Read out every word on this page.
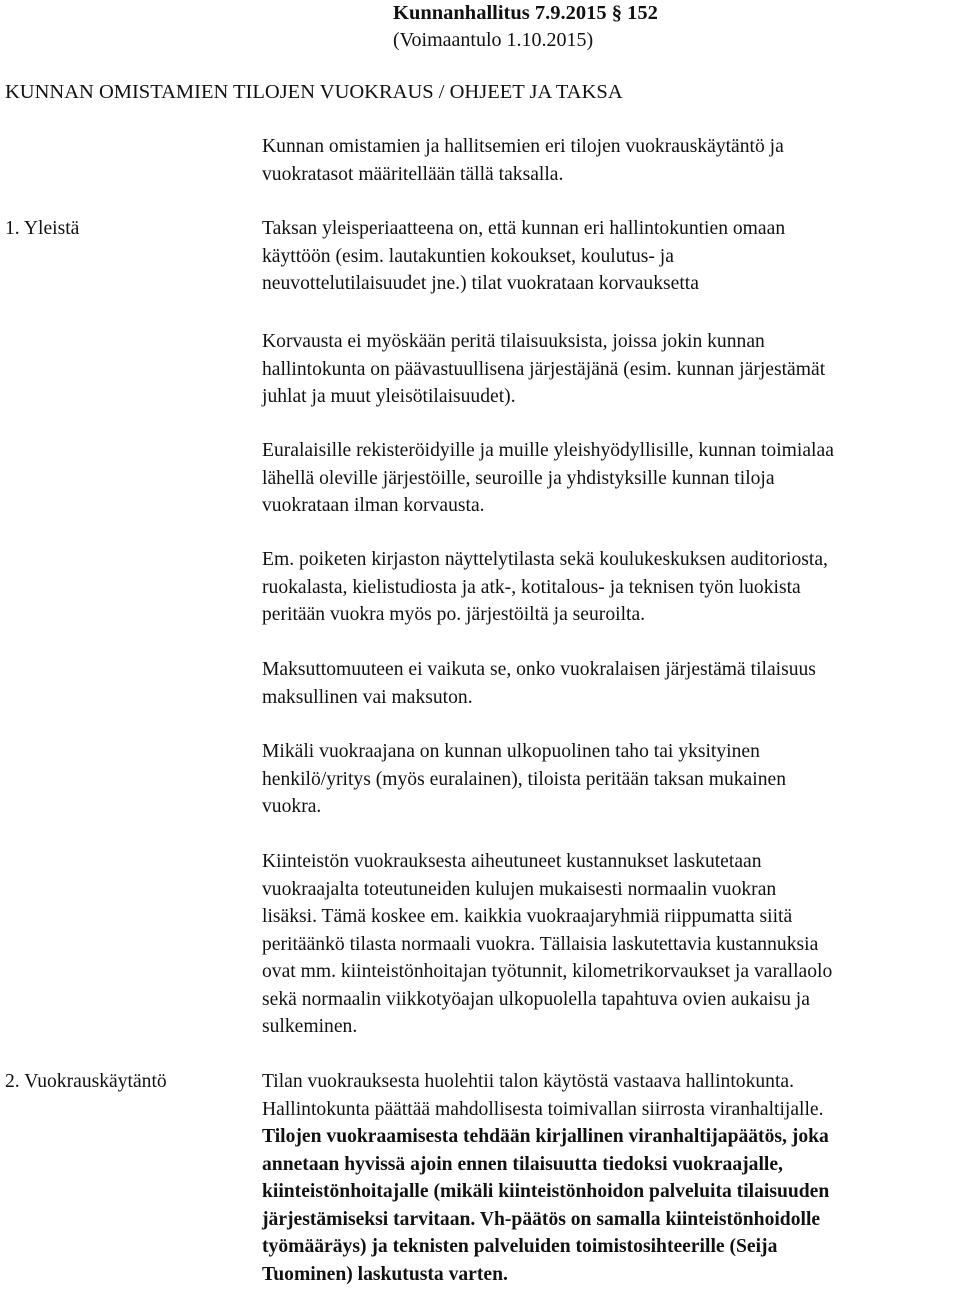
Kunnanhallitus 7.9.2015 § 152
(Voimaantulo 1.10.2015)
KUNNAN OMISTAMIEN TILOJEN VUOKRAUS / OHJEET JA TAKSA

Kunnan omistamien ja hallitsemien eri tilojen vuokrauskäytäntö ja

vuokratasot määritellään tällä taksalla.

1. Yleistä	Taksan yleisperiaatteena on, että kunnan eri hallintokuntien omaan

käyttöön (esim. lautakuntien kokoukset, koulutus- ja

neuvottelutilaisuudet jne.) tilat vuokrataan korvauksetta

Korvausta ei myöskään peritä tilaisuuksista, joissa jokin kunnan

hallintokunta on päävastuullisena järjestäjänä (esim. kunnan järjestämät

juhlat ja muut yleisötilaisuudet).

Euralaisille rekisteröidyille ja muille yleishyödyllisille, kunnan toimialaa

lähellä oleville järjestöille, seuroille ja yhdistyksille kunnan tiloja

vuokrataan ilman korvausta.

Em. poiketen kirjaston näyttelytilasta sekä koulukeskuksen auditoriosta,

ruokalasta, kielistudiosta ja atk-, kotitalous- ja teknisen työn luokista

peritään vuokra myös po. järjestöiltä ja seuroilta.

Maksuttomuuteen ei vaikuta se, onko vuokralaisen järjestämä tilaisuus

maksullinen vai maksuton.

Mikäli vuokraajana on kunnan ulkopuolinen taho tai yksityinen

henkilö/yritys (myös euralainen), tiloista peritään taksan mukainen

vuokra.

Kiinteistön vuokrauksesta aiheutuneet kustannukset laskutetaan

vuokraajalta toteutuneiden kulujen mukaisesti normaalin vuokran

lisäksi. Tämä koskee em. kaikkia vuokraajaryhmiä riippumatta siitä

peritäänkö tilasta normaali vuokra. Tällaisia laskutettavia kustannuksia

ovat mm. kiinteistönhoitajan työtunnit, kilometrikorvaukset ja varallaolo

sekä normaalin viikkotyöajan ulkopuolella tapahtuva ovien aukaisu ja

sulkeminen.

2. Vuokrauskäytäntö	Tilan vuokrauksesta huolehtii talon käytöstä vastaava hallintokunta.

Hallintokunta päättää mahdollisesta toimivallan siirrosta viranhaltijalle.

Tilojen vuokraamisesta tehdään kirjallinen viranhaltijapäätös, joka

annetaan hyvissä ajoin ennen tilaisuutta tiedoksi vuokraajalle,

kiinteistönhoitajalle (mikäli kiinteistönhoidon palveluita tilaisuuden

järjestämiseksi tarvitaan. Vh-päätös on samalla kiinteistönhoidolle

työmääräys) ja teknisten palveluiden toimistosihteerille (Seija

Tuominen) laskutusta varten.
